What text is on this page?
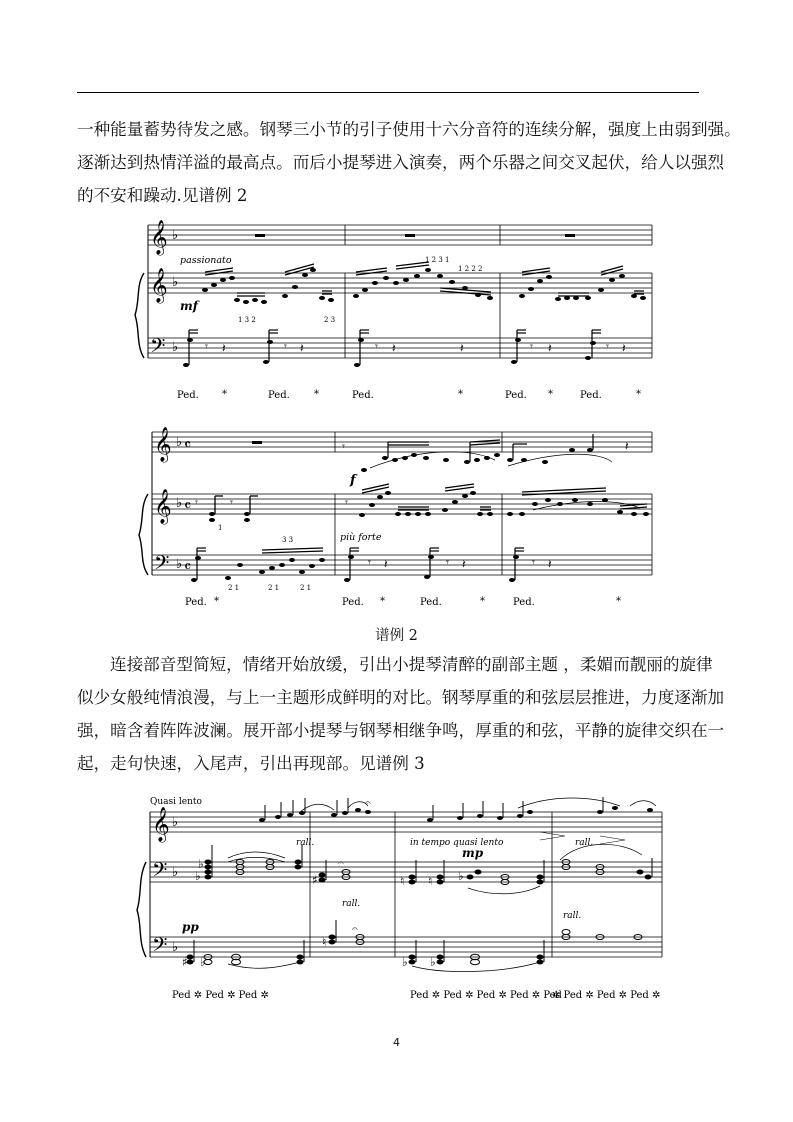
一种能量蓄势待发之感。钢琴三小节的引子使用十六分音符的连续分解，强度上由弱到强。
逐渐达到热情洋溢的最高点。而后小提琴进入演奏，两个乐器之间交叉起伏，给人以强烈
的不安和躁动.见谱例 2

𝄞
𝄞
𝄢
♭
♭
♭ 𝄾 𝄽	𝄾 𝄽	𝄾 𝄽	𝄽	𝄾 𝄽	𝄾 𝄽
passionato
mf
1 3 2	2 3
1 2 3 1
1 2 2 2
Ped. *	Ped. *	Ped.	*	Ped. *	Ped.	*
𝄞
𝄞
𝄢
♭ 𝄴
♭ 𝄴
♭ 𝄴
𝄾	𝄽
𝄾	𝄾	𝄾
𝄾 𝄽	𝄾 𝄽	𝄾 𝄽
f
più forte
1
2 1	2 1	2 1
3 3
Ped. *	Ped. *	Ped.	*	Ped.	*
𝄞
𝄢
𝄢
♭
♭
♭
𝄐
♭
♭
♯
𝄐
♮ ♮ ♭
♯ ♭
♮
𝄐
♭ ♭
Quasi lento
rall.	in tempo quasi lento	rall.
mp
rall.
rall.
pp
Ped ✲ Ped ✲ Ped ✲	Ped ✲ Ped ✲ Ped ✲ Ped ✲ Ped
✲ Ped ✲ Ped ✲ Ped ✲
谱例 2

连接部音型简短，情绪开始放缓，引出小提琴清醉的副部主题 ，柔媚而靓丽的旋律
似少女般纯情浪漫，与上一主题形成鲜明的对比。钢琴厚重的和弦层层推进，力度逐渐加
强，暗含着阵阵波澜。展开部小提琴与钢琴相继争鸣，厚重的和弦，平静的旋律交织在一
起，走句快速，入尾声，引出再现部。见谱例 3

4
